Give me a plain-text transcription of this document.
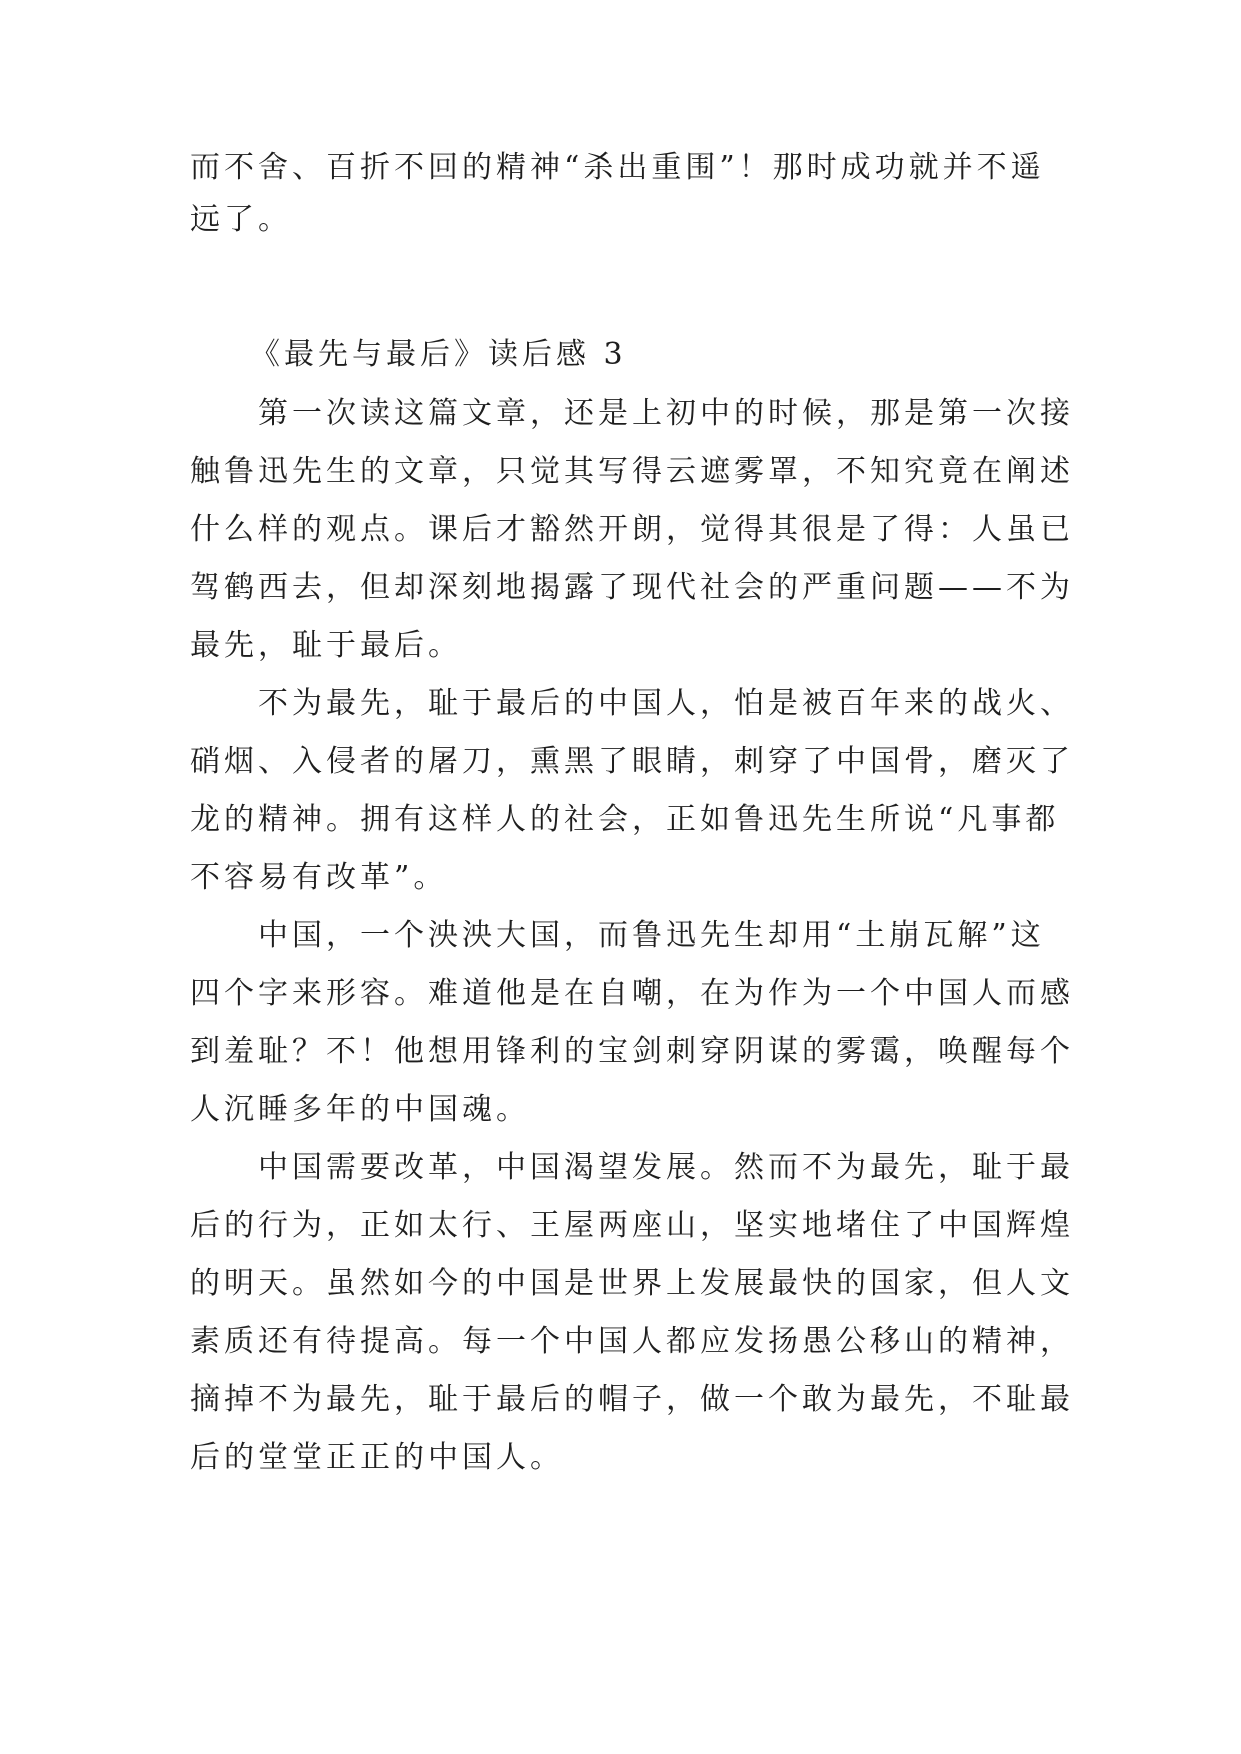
而不舍、百折不回的精神“杀出重围”！那时成功就并不遥
远了。
《最先与最后》读后感 3
第一次读这篇文章，还是上初中的时候，那是第一次接
触鲁迅先生的文章，只觉其写得云遮雾罩，不知究竟在阐述
什么样的观点。课后才豁然开朗，觉得其很是了得：人虽已
驾鹤西去，但却深刻地揭露了现代社会的严重问题——不为
最先，耻于最后。
不为最先，耻于最后的中国人，怕是被百年来的战火、
硝烟、入侵者的屠刀，熏黑了眼睛，刺穿了中国骨，磨灭了
龙的精神。拥有这样人的社会，正如鲁迅先生所说“凡事都
不容易有改革”。
中国，一个泱泱大国，而鲁迅先生却用“土崩瓦解”这
四个字来形容。难道他是在自嘲，在为作为一个中国人而感
到羞耻？不！他想用锋利的宝剑刺穿阴谋的雾霭，唤醒每个
人沉睡多年的中国魂。
中国需要改革，中国渴望发展。然而不为最先，耻于最
后的行为，正如太行、王屋两座山，坚实地堵住了中国辉煌
的明天。虽然如今的中国是世界上发展最快的国家，但人文
素质还有待提高。每一个中国人都应发扬愚公移山的精神，
摘掉不为最先，耻于最后的帽子，做一个敢为最先，不耻最
后的堂堂正正的中国人。
